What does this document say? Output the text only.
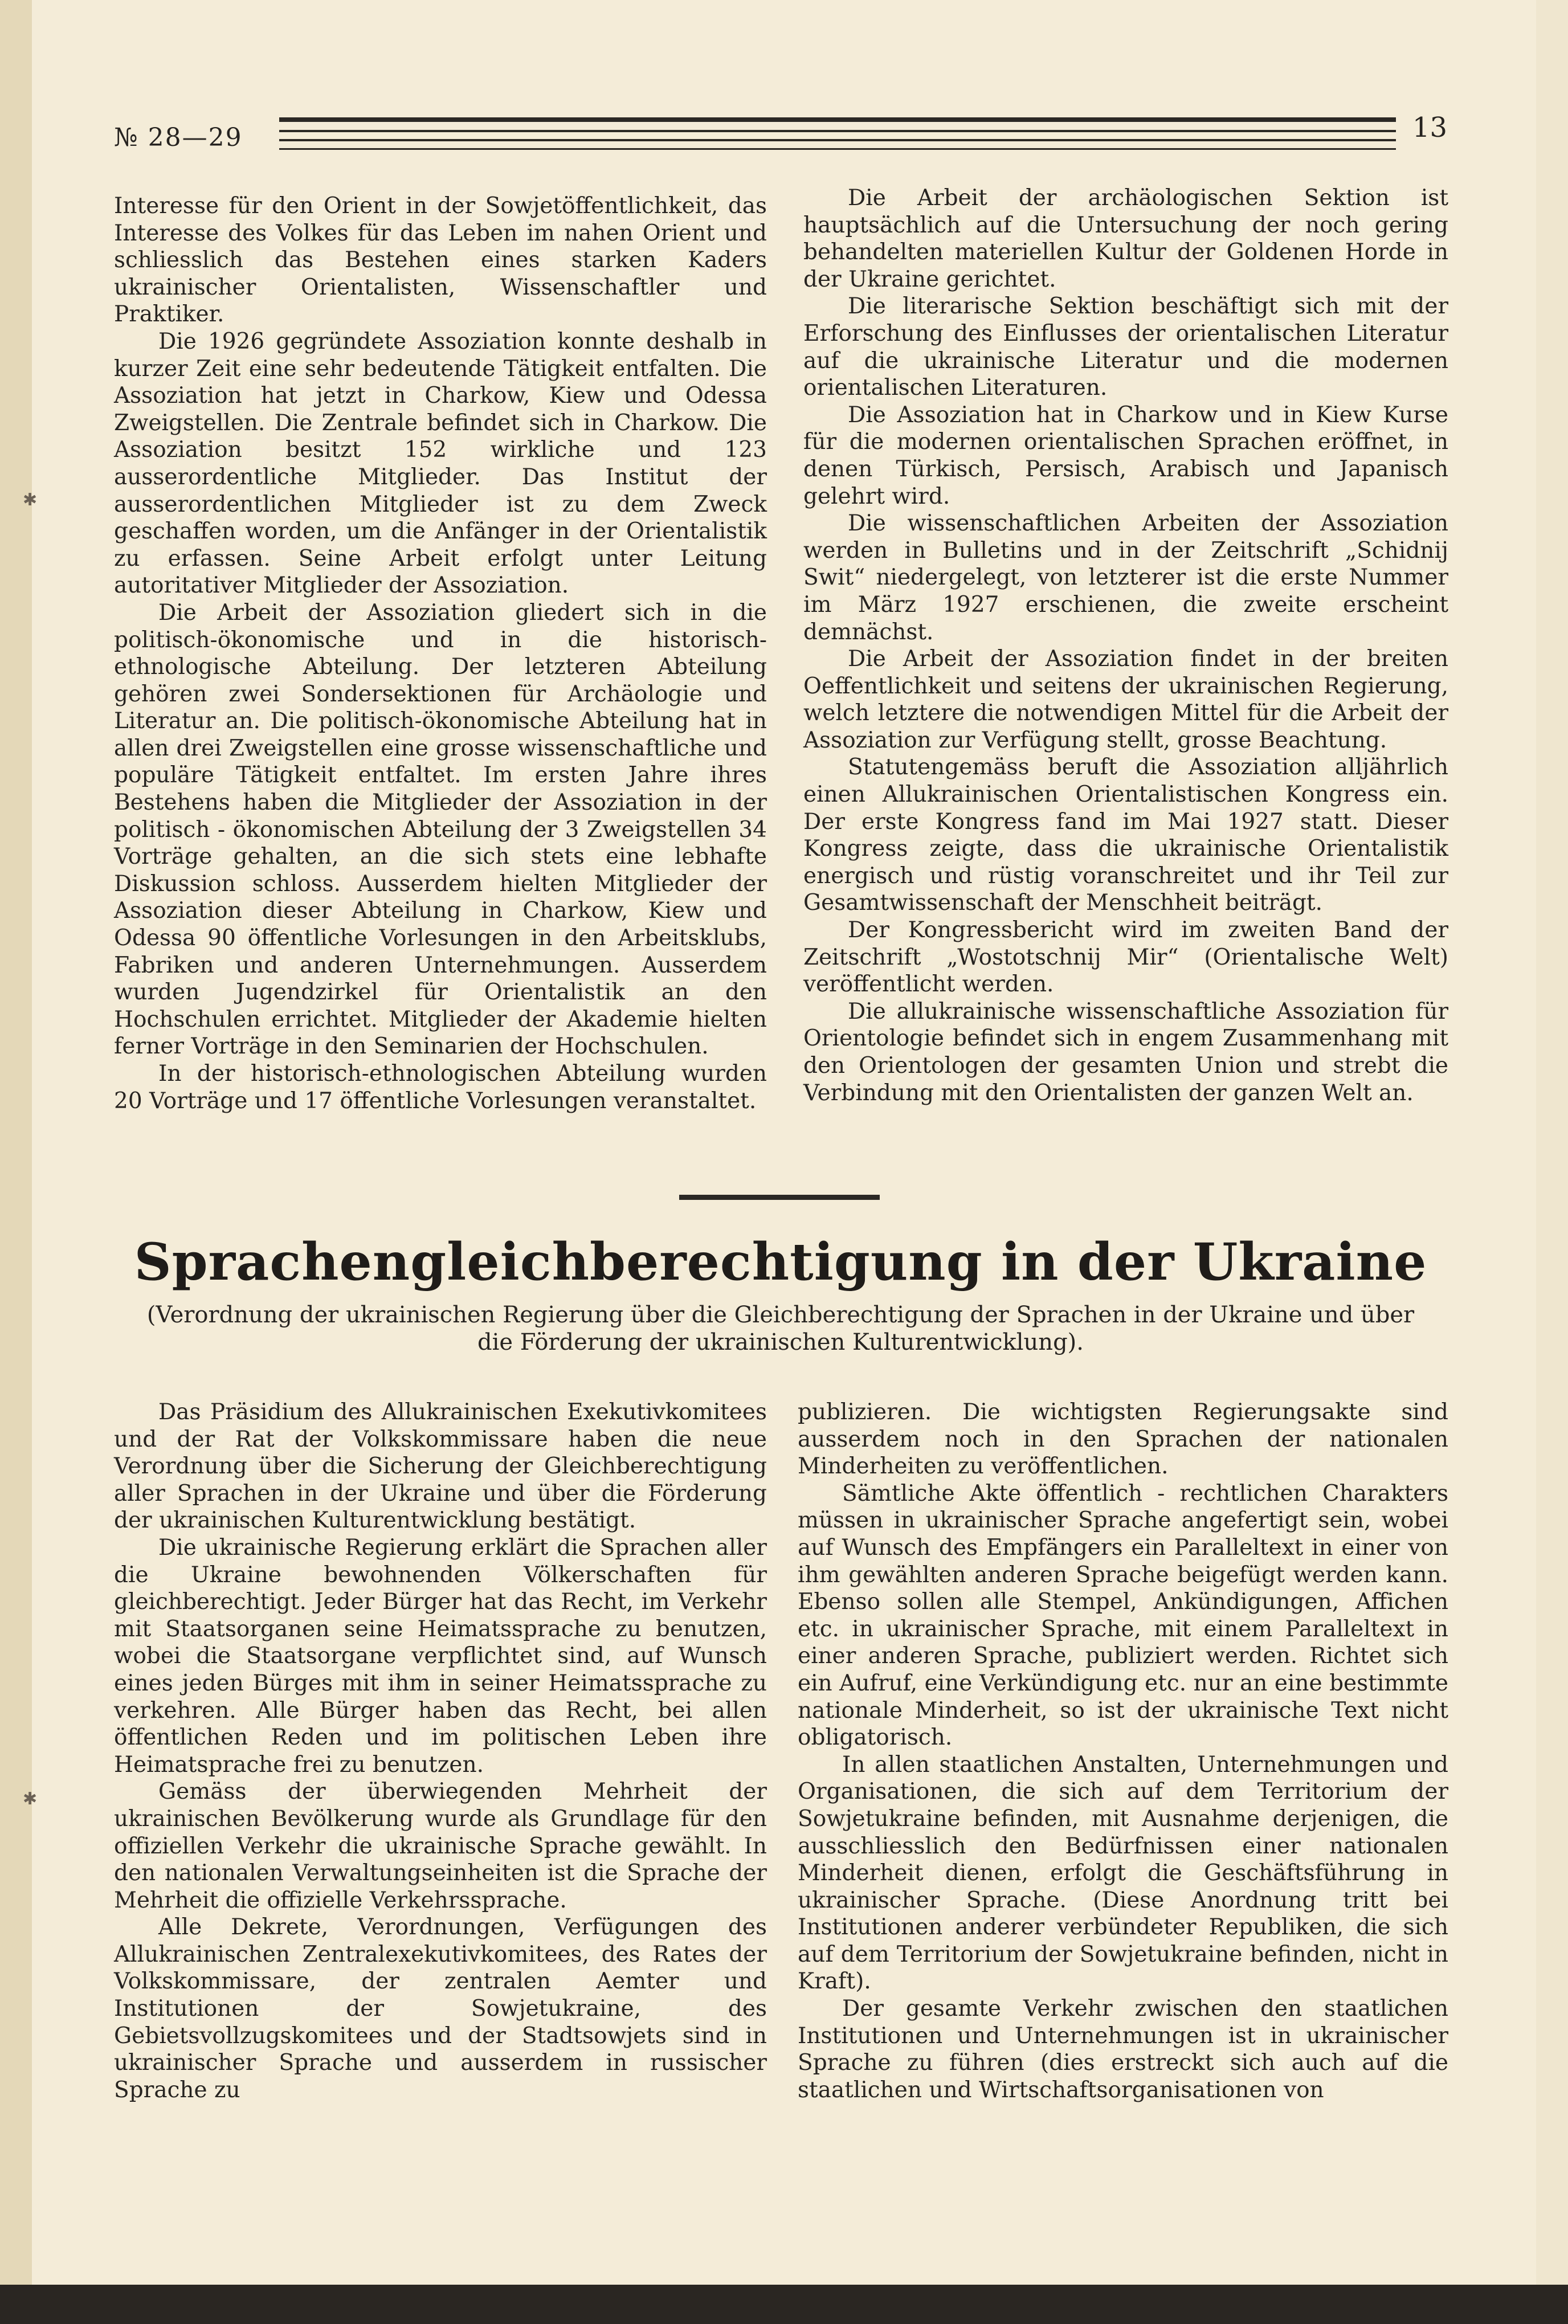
№ 28—29	13

Interesse für den Orient in der Sowjetöffentlichkeit, das Interesse des Volkes für das Leben im nahen Orient und schliesslich das Bestehen eines starken Kaders ukrainischer Orientalisten, Wissenschaftler und Praktiker.

Die 1926 gegründete Assoziation konnte deshalb in kurzer Zeit eine sehr bedeutende Tätigkeit entfalten. Die Assoziation hat jetzt in Charkow, Kiew und Odessa Zweigstellen. Die Zentrale befindet sich in Charkow. Die Assoziation besitzt 152 wirkliche und 123 ausserordentliche Mitglieder. Das Institut der ausserordentlichen Mitglieder ist zu dem Zweck geschaffen worden, um die Anfänger in der Orientalistik zu erfassen. Seine Arbeit erfolgt unter Leitung autoritativer Mitglieder der Assoziation.

Die Arbeit der Assoziation gliedert sich in die politisch-ökonomische und in die historisch-ethnologische Abteilung. Der letzteren Abteilung gehören zwei Sondersektionen für Archäologie und Literatur an. Die politisch-ökonomische Abteilung hat in allen drei Zweigstellen eine grosse wissenschaftliche und populäre Tätigkeit entfaltet. Im ersten Jahre ihres Bestehens haben die Mitglieder der Assoziation in der politisch - ökonomischen Abteilung der 3 Zweigstellen 34 Vorträge gehalten, an die sich stets eine lebhafte Diskussion schloss. Ausserdem hielten Mitglieder der Assoziation dieser Abteilung in Charkow, Kiew und Odessa 90 öffentliche Vorlesungen in den Arbeitsklubs, Fabriken und anderen Unternehmungen. Ausserdem wurden Jugendzirkel für Orientalistik an den Hochschulen errichtet. Mitglieder der Akademie hielten ferner Vorträge in den Seminarien der Hochschulen.

In der historisch-ethnologischen Abteilung wurden 20 Vorträge und 17 öffentliche Vorlesungen veranstaltet.

Die Arbeit der archäologischen Sektion ist hauptsächlich auf die Untersuchung der noch gering behandelten materiellen Kultur der Goldenen Horde in der Ukraine gerichtet.

Die literarische Sektion beschäftigt sich mit der Erforschung des Einflusses der orientalischen Literatur auf die ukrainische Literatur und die modernen orientalischen Literaturen.

Die Assoziation hat in Charkow und in Kiew Kurse für die modernen orientalischen Sprachen eröffnet, in denen Türkisch, Persisch, Arabisch und Japanisch gelehrt wird.

Die wissenschaftlichen Arbeiten der Assoziation werden in Bulletins und in der Zeitschrift „Schidnij Swit“ niedergelegt, von letzterer ist die erste Nummer im März 1927 erschienen, die zweite erscheint demnächst.

Die Arbeit der Assoziation findet in der breiten Oeffentlichkeit und seitens der ukrainischen Regierung, welch letztere die notwendigen Mittel für die Arbeit der Assoziation zur Verfügung stellt, grosse Beachtung.

Statutengemäss beruft die Assoziation alljährlich einen Allukrainischen Orientalistischen Kongress ein. Der erste Kongress fand im Mai 1927 statt. Dieser Kongress zeigte, dass die ukrainische Orientalistik energisch und rüstig voranschreitet und ihr Teil zur Gesamtwissenschaft der Menschheit beiträgt.

Der Kongressbericht wird im zweiten Band der Zeitschrift „Wostotschnij Mir“ (Orientalische Welt) veröffentlicht werden.

Die allukrainische wissenschaftliche Assoziation für Orientologie befindet sich in engem Zusammenhang mit den Orientologen der gesamten Union und strebt die Verbindung mit den Orientalisten der ganzen Welt an.

Sprachengleichberechtigung in der Ukraine
(Verordnung der ukrainischen Regierung über die Gleichberechtigung der Sprachen in der Ukraine und über die Förderung der ukrainischen Kulturentwicklung).

Das Präsidium des Allukrainischen Exekutivkomitees und der Rat der Volkskommissare haben die neue Verordnung über die Sicherung der Gleichberechtigung aller Sprachen in der Ukraine und über die Förderung der ukrainischen Kulturentwicklung bestätigt.

Die ukrainische Regierung erklärt die Sprachen aller die Ukraine bewohnenden Völkerschaften für gleichberechtigt. Jeder Bürger hat das Recht, im Verkehr mit Staatsorganen seine Heimatssprache zu benutzen, wobei die Staatsorgane verpflichtet sind, auf Wunsch eines jeden Bürges mit ihm in seiner Heimatssprache zu verkehren. Alle Bürger haben das Recht, bei allen öffentlichen Reden und im politischen Leben ihre Heimatsprache frei zu benutzen.

Gemäss der überwiegenden Mehrheit der ukrainischen Bevölkerung wurde als Grundlage für den offiziellen Verkehr die ukrainische Sprache gewählt. In den nationalen Verwaltungseinheiten ist die Sprache der Mehrheit die offizielle Verkehrssprache.

Alle Dekrete, Verordnungen, Verfügungen des Allukrainischen Zentralexekutivkomitees, des Rates der Volkskommissare, der zentralen Aemter und Institutionen der Sowjetukraine, des Gebietsvollzugskomitees und der Stadtsowjets sind in ukrainischer Sprache und ausserdem in russischer Sprache zu

publizieren. Die wichtigsten Regierungsakte sind ausserdem noch in den Sprachen der nationalen Minderheiten zu veröffentlichen.

Sämtliche Akte öffentlich - rechtlichen Charakters müssen in ukrainischer Sprache angefertigt sein, wobei auf Wunsch des Empfängers ein Paralleltext in einer von ihm gewählten anderen Sprache beigefügt werden kann. Ebenso sollen alle Stempel, Ankündigungen, Affichen etc. in ukrainischer Sprache, mit einem Paralleltext in einer anderen Sprache, publiziert werden. Richtet sich ein Aufruf, eine Verkündigung etc. nur an eine bestimmte nationale Minderheit, so ist der ukrainische Text nicht obligatorisch.

In allen staatlichen Anstalten, Unternehmungen und Organisationen, die sich auf dem Territorium der Sowjetukraine befinden, mit Ausnahme derjenigen, die ausschliesslich den Bedürfnissen einer nationalen Minderheit dienen, erfolgt die Geschäftsführung in ukrainischer Sprache. (Diese Anordnung tritt bei Institutionen anderer verbündeter Republiken, die sich auf dem Territorium der Sowjetukraine befinden, nicht in Kraft).

Der gesamte Verkehr zwischen den staatlichen Institutionen und Unternehmungen ist in ukrainischer Sprache zu führen (dies erstreckt sich auch auf die staatlichen und Wirtschaftsorganisationen von

✱
✱
